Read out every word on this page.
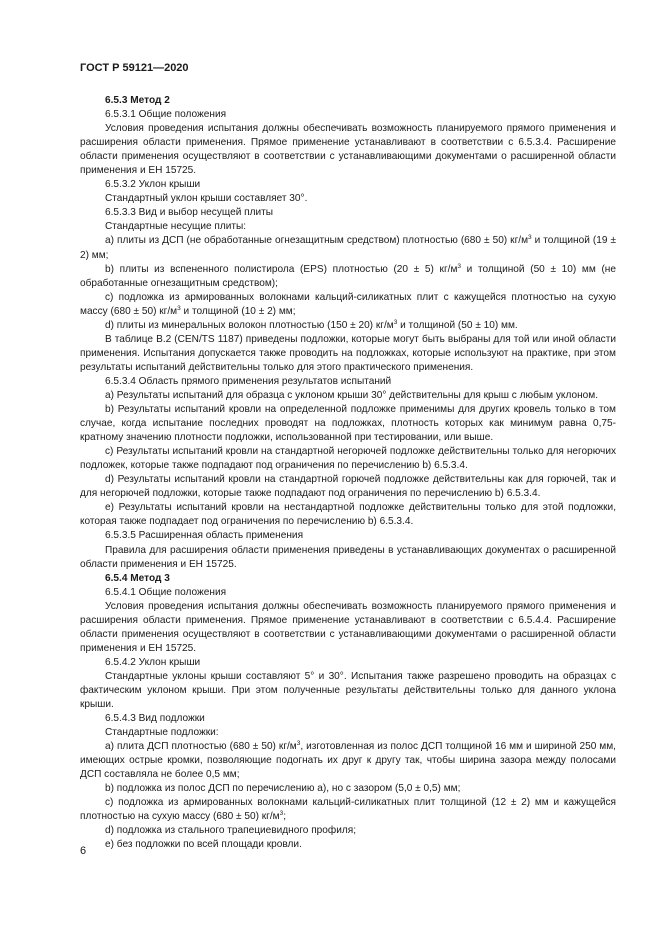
ГОСТ Р 59121—2020

6.5.3 Метод 2

6.5.3.1 Общие положения

Условия проведения испытания должны обеспечивать возможность планируемого прямого применения и расширения области применения. Прямое применение устанавливают в соответствии с 6.5.3.4. Расширение области применения осуществляют в соответствии с устанавливающими документами о расширенной области применения и ЕН 15725.

6.5.3.2 Уклон крыши

Стандартный уклон крыши составляет 30°.

6.5.3.3 Вид и выбор несущей плиты

Стандартные несущие плиты:

a) плиты из ДСП (не обработанные огнезащитным средством) плотностью (680 ± 50) $кг/м^3$ и толщиной (19 ± 2) мм;

b) плиты из вспененного полистирола (EPS) плотностью (20 ± 5) $кг/м^3$ и толщиной (50 ± 10) мм (не обработанные огнезащитным средством);

c) подложка из армированных волокнами кальций-силикатных плит с кажущейся плотностью на сухую массу (680 ± 50) $кг/м^3$ и толщиной (10 ± 2) мм;

d) плиты из минеральных волокон плотностью (150 ± 20) $кг/м^3$ и толщиной (50 ± 10) мм.

В таблице В.2 (CEN/TS 1187) приведены подложки, которые могут быть выбраны для той или иной области применения. Испытания допускается также проводить на подложках, которые используют на практике, при этом результаты испытаний действительны только для этого практического применения.

6.5.3.4 Область прямого применения результатов испытаний

a) Результаты испытаний для образца с уклоном крыши 30° действительны для крыш с любым уклоном.

b) Результаты испытаний кровли на определенной подложке применимы для других кровель только в том случае, когда испытание последних проводят на подложках, плотность которых как минимум равна 0,75-кратному значению плотности подложки, использованной при тестировании, или выше.

c) Результаты испытаний кровли на стандартной негорючей подложке действительны только для негорючих подложек, которые также подпадают под ограничения по перечислению b) 6.5.3.4.

d) Результаты испытаний кровли на стандартной горючей подложке действительны как для горючей, так и для негорючей подложки, которые также подпадают под ограничения по перечислению b) 6.5.3.4.

e) Результаты испытаний кровли на нестандартной подложке действительны только для этой подложки, которая также подпадает под ограничения по перечислению b) 6.5.3.4.

6.5.3.5 Расширенная область применения

Правила для расширения области применения приведены в устанавливающих документах о расширенной области применения и ЕН 15725.

6.5.4 Метод 3

6.5.4.1 Общие положения

Условия проведения испытания должны обеспечивать возможность планируемого прямого применения и расширения области применения. Прямое применение устанавливают в соответствии с 6.5.4.4. Расширение области применения осуществляют в соответствии с устанавливающими документами о расширенной области применения и ЕН 15725.

6.5.4.2 Уклон крыши

Стандартные уклоны крыши составляют 5° и 30°. Испытания также разрешено проводить на образцах с фактическим уклоном крыши. При этом полученные результаты действительны только для данного уклона крыши.

6.5.4.3 Вид подложки

Стандартные подложки:

a) плита ДСП плотностью (680 ± 50) $кг/м^3$, изготовленная из полос ДСП толщиной 16 мм и шириной 250 мм, имеющих острые кромки, позволяющие подогнать их друг к другу так, чтобы ширина зазора между полосами ДСП составляла не более 0,5 мм;

b) подложка из полос ДСП по перечислению а), но с зазором (5,0 ± 0,5) мм;

c) подложка из армированных волокнами кальций-силикатных плит толщиной (12 ± 2) мм и кажущейся плотностью на сухую массу (680 ± 50) $кг/м^3$;

d) подложка из стального трапециевидного профиля;

e) без подложки по всей площади кровли.

6
